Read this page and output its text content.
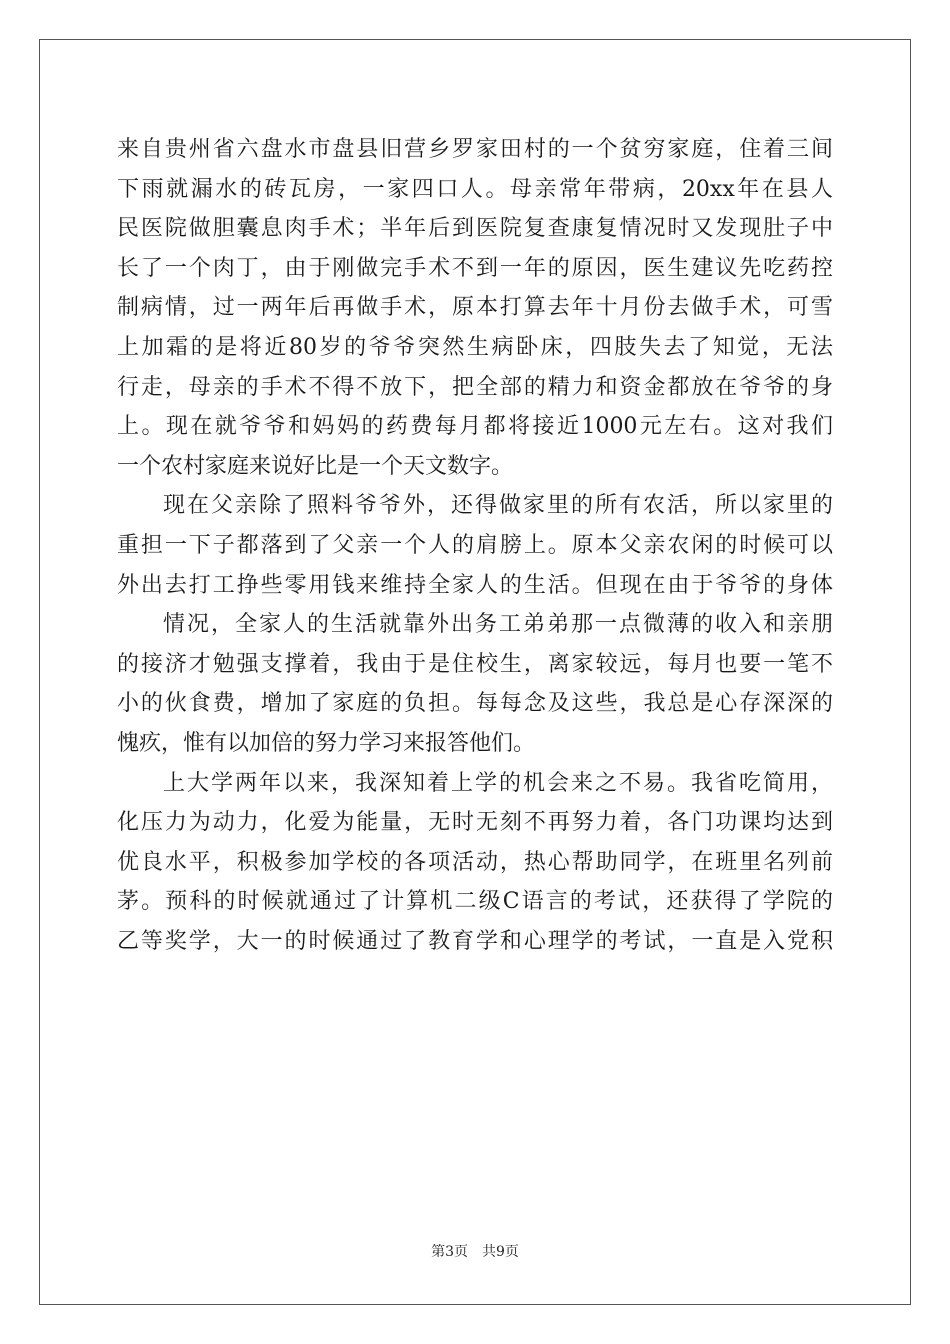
来自贵州省六盘水市盘县旧营乡罗家田村的一个贫穷家庭，住着三间
下雨就漏水的砖瓦房，一家四口人。母亲常年带病，20xx年在县人
民医院做胆囊息肉手术；半年后到医院复查康复情况时又发现肚子中
长了一个肉丁，由于刚做完手术不到一年的原因，医生建议先吃药控
制病情，过一两年后再做手术，原本打算去年十月份去做手术，可雪
上加霜的是将近80岁的爷爷突然生病卧床，四肢失去了知觉，无法
行走，母亲的手术不得不放下，把全部的精力和资金都放在爷爷的身
上。现在就爷爷和妈妈的药费每月都将接近1000元左右。这对我们
一个农村家庭来说好比是一个天文数字。
现在父亲除了照料爷爷外，还得做家里的所有农活，所以家里的
重担一下子都落到了父亲一个人的肩膀上。原本父亲农闲的时候可以
外出去打工挣些零用钱来维持全家人的生活。但现在由于爷爷的身体
情况，全家人的生活就靠外出务工弟弟那一点微薄的收入和亲朋
的接济才勉强支撑着，我由于是住校生，离家较远，每月也要一笔不
小的伙食费，增加了家庭的负担。每每念及这些，我总是心存深深的
愧疚，惟有以加倍的努力学习来报答他们。
上大学两年以来，我深知着上学的机会来之不易。我省吃简用，
化压力为动力，化爱为能量，无时无刻不再努力着，各门功课均达到
优良水平，积极参加学校的各项活动，热心帮助同学，在班里名列前
茅。预科的时候就通过了计算机二级C语言的考试，还获得了学院的
乙等奖学，大一的时候通过了教育学和心理学的考试，一直是入党积
第3页 共9页
